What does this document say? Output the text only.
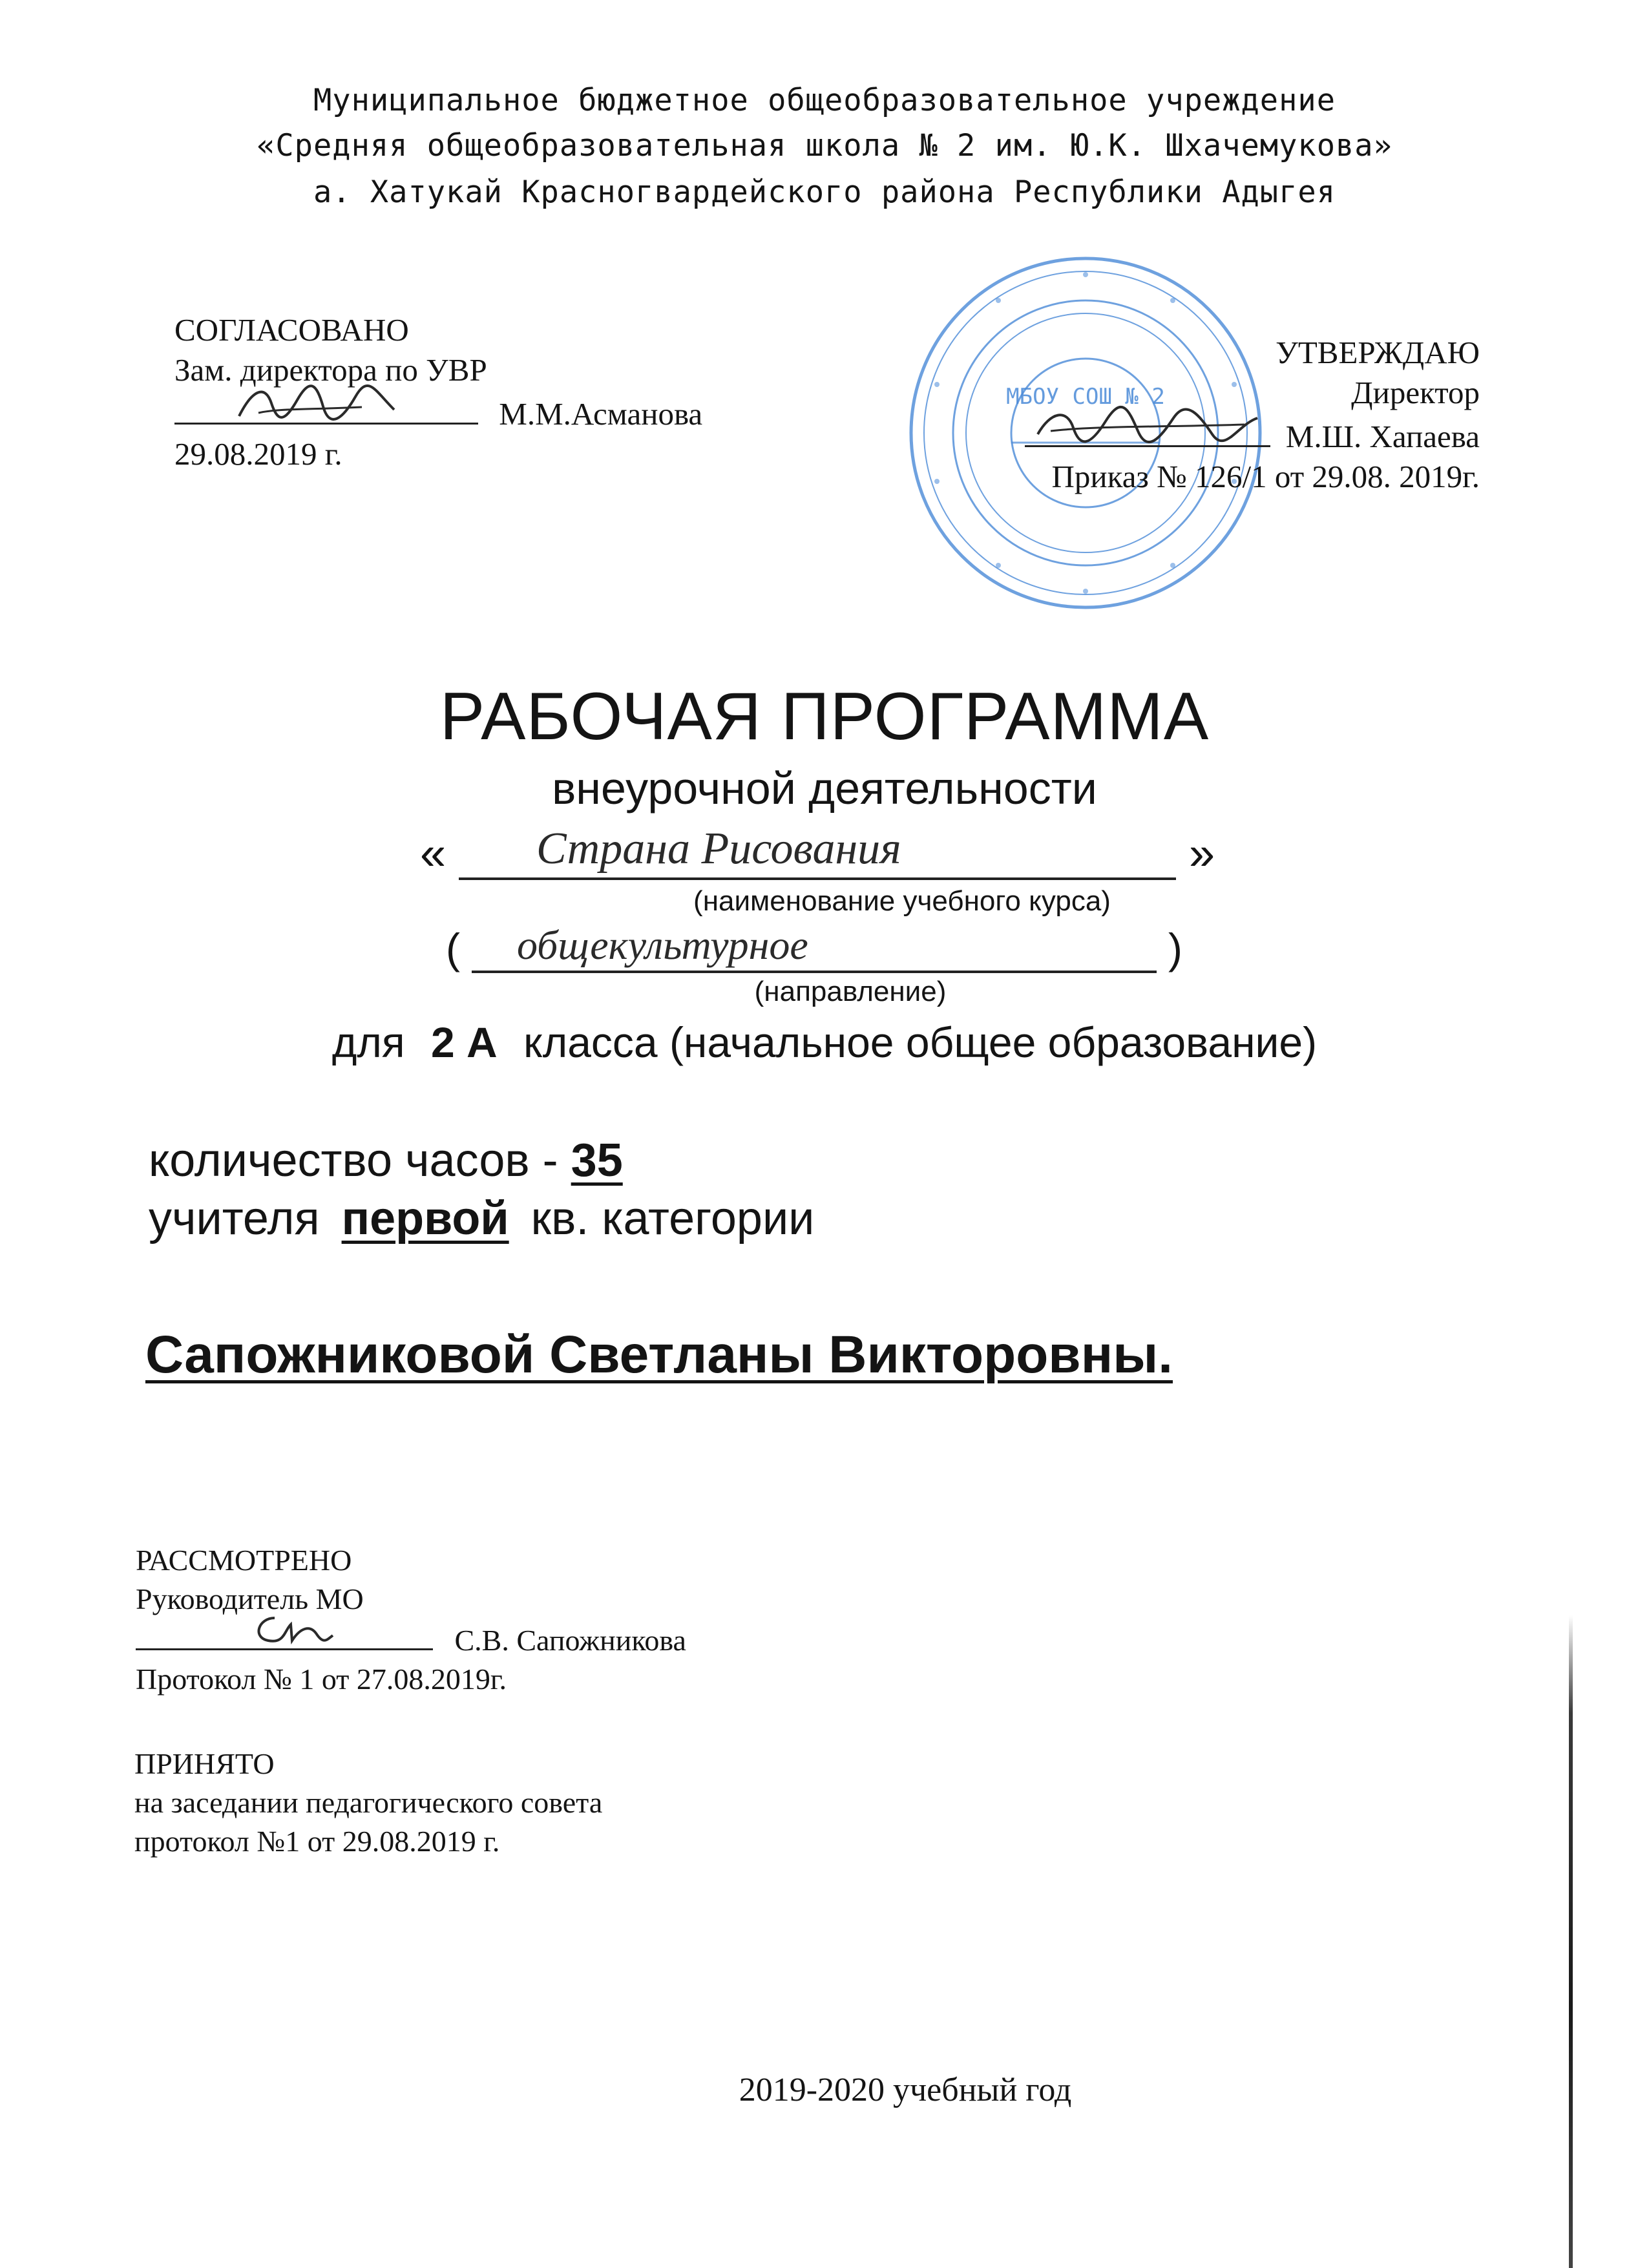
Муниципальное бюджетное общеобразовательное учреждение
«Средняя общеобразовательная школа № 2 им. Ю.К. Шхачемукова»
а. Хатукай Красногвардейского района Республики Адыгея
СОГЛАСОВАНО
Зам. директора по УВР
М.М.Асманова
29.08.2019 г.
МБОУ СОШ № 2
УТВЕРЖДАЮ
Директор
М.Ш. Хапаева
Приказ № 126/1 от 29.08. 2019г.
РАБОЧАЯ ПРОГРАММА
внеурочной деятельности
« Страна Рисования	»
(наименование учебного курса)
( общекультурное	)
(направление)
для 2 А класса (начальное общее образование)
количество часов - 35
учителя первой кв. категории
Сапожниковой Светланы Викторовны.
РАССМОТРЕНО
Руководитель МО
С.В. Сапожникова
Протокол № 1 от 27.08.2019г.
ПРИНЯТО
на заседании педагогического совета
протокол №1 от 29.08.2019 г.
2019-2020 учебный год
